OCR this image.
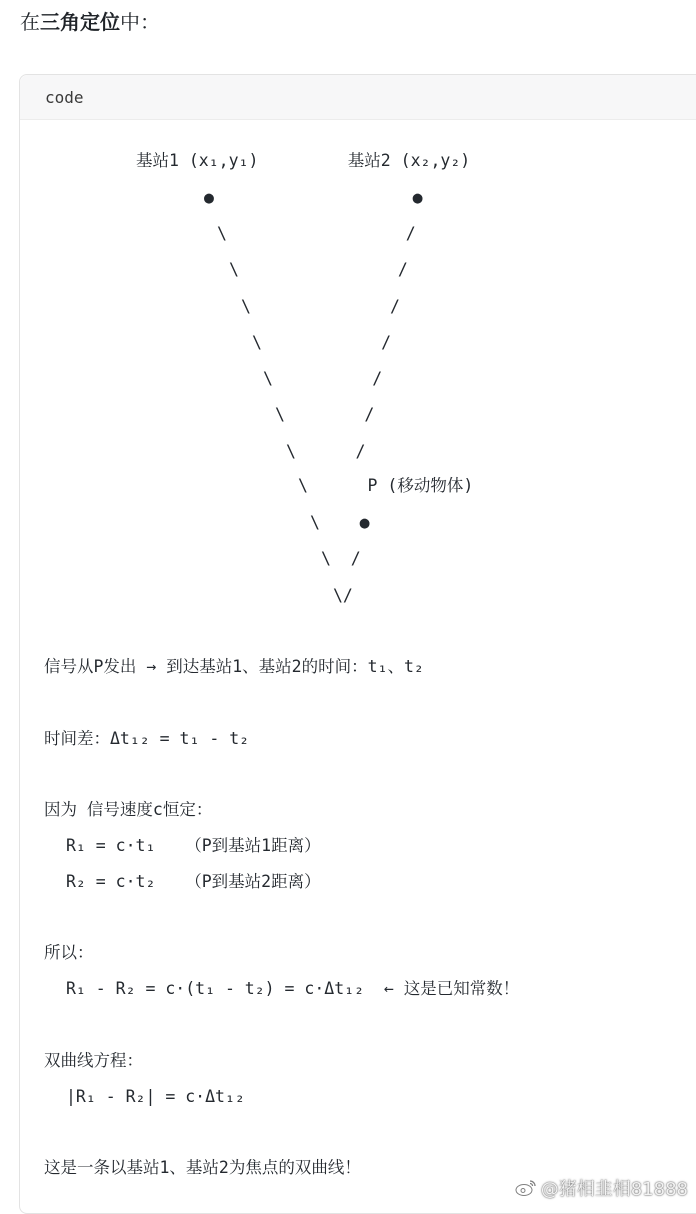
在三角定位中：
code
基站1 (x₁,y₁)         基站2 (x₂,y₂)
●                    ●
\                  /
\                /
\              /
\            /
\          /
\        /
\      /
\      P (移动物体)
\    ●
\  /
\/
信号从P发出 → 到达基站1、基站2的时间：t₁、t₂
时间差：Δt₁₂ = t₁ - t₂
因为 信号速度c恒定：
R₁ = c·t₁   （P到基站1距离）
R₂ = c·t₂   （P到基站2距离）
所以：
R₁ - R₂ = c·(t₁ - t₂) = c·Δt₁₂  ← 这是已知常数！
双曲线方程：
|R₁ - R₂| = c·Δt₁₂
这是一条以基站1、基站2为焦点的双曲线！
@猪相韭相81888
